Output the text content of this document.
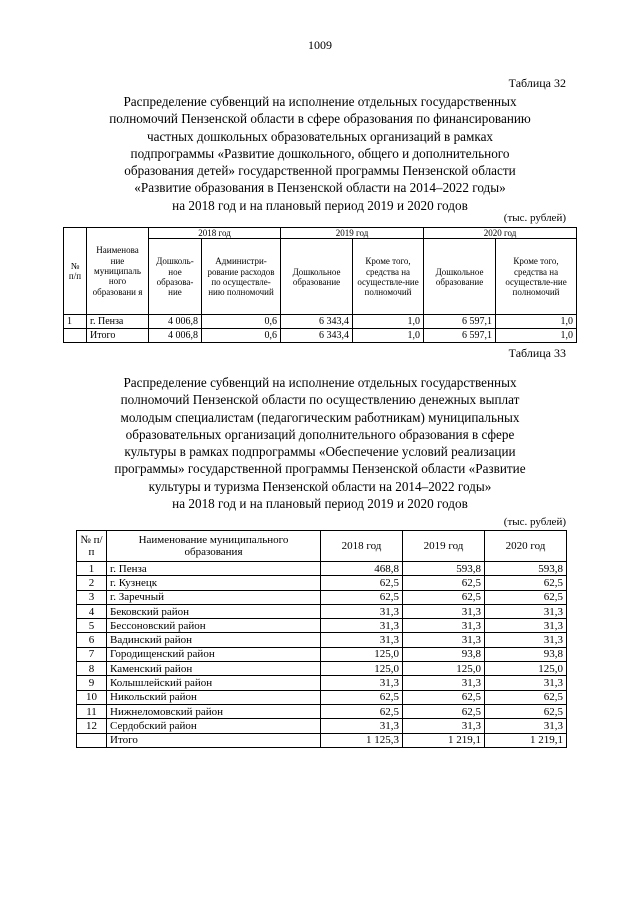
1009
Таблица 32
Распределение субвенций на исполнение отдельных государственных
полномочий Пензенской области в сфере образования по финансированию
частных дошкольных образовательных организаций в рамках
подпрограммы «Развитие дошкольного, общего и дополнительного
образования детей» государственной программы Пензенской области
«Развитие образования в Пензенской области на 2014–2022 годы»
на 2018 год и на плановый период 2019 и 2020 годов
(тыс. рублей)
№ п/п	Наименова ние муниципаль ного образовани я	2018 год		2019 год		2020 год	
		Дошколь-ное образова-ние	Администри-рование расходов по осуществле-нию полномочий	Дошкольное образование	Кроме того, средства на осуществле-ние полномочий	Дошкольное образование	Кроме того, средства на осуществле-ние полномочий
1	г. Пенза	4 006,8	0,6	6 343,4	1,0	6 597,1	1,0
	Итого	4 006,8	0,6	6 343,4	1,0	6 597,1	1,0
Таблица 33
Распределение субвенций на исполнение отдельных государственных
полномочий Пензенской области по осуществлению денежных выплат
молодым специалистам (педагогическим работникам) муниципальных
образовательных организаций дополнительного образования в сфере
культуры в рамках подпрограммы «Обеспечение условий реализации
программы» государственной программы Пензенской области «Развитие
культуры и туризма Пензенской области на 2014–2022 годы»
на 2018 год и на плановый период 2019 и 2020 годов
(тыс. рублей)
№ п/п	Наименование муниципального образования	2018 год	2019 год	2020 год
1	г. Пенза	468,8	593,8	593,8
2	г. Кузнецк	62,5	62,5	62,5
3	г. Заречный	62,5	62,5	62,5
4	Бековский район	31,3	31,3	31,3
5	Бессоновский район	31,3	31,3	31,3
6	Вадинский район	31,3	31,3	31,3
7	Городищенский район	125,0	93,8	93,8
8	Каменский район	125,0	125,0	125,0
9	Колышлейский район	31,3	31,3	31,3
10	Никольский район	62,5	62,5	62,5
11	Нижнеломовский район	62,5	62,5	62,5
12	Сердобский район	31,3	31,3	31,3
	Итого	1 125,3	1 219,1	1 219,1
